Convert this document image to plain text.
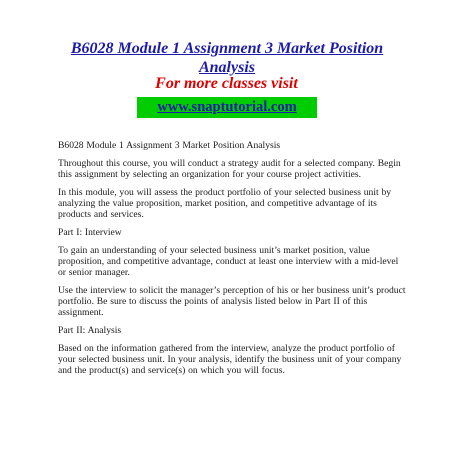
B6028 Module 1 Assignment 3 Market Position Analysis
For more classes visit
www.snaptutorial.com

B6028 Module 1 Assignment 3 Market Position Analysis

Throughout this course, you will conduct a strategy audit for a selected company. Begin this assignment by selecting an organization for your course project activities.

In this module, you will assess the product portfolio of your selected business unit by analyzing the value proposition, market position, and competitive advantage of its products and services.

Part I: Interview

To gain an understanding of your selected business unit’s market position, value proposition, and competitive advantage, conduct at least one interview with a mid-level or senior manager.

Use the interview to solicit the manager’s perception of his or her business unit’s product portfolio. Be sure to discuss the points of analysis listed below in Part II of this assignment.

Part II: Analysis

Based on the information gathered from the interview, analyze the product portfolio of your selected business unit. In your analysis, identify the business unit of your company and the product(s) and service(s) on which you will focus.
